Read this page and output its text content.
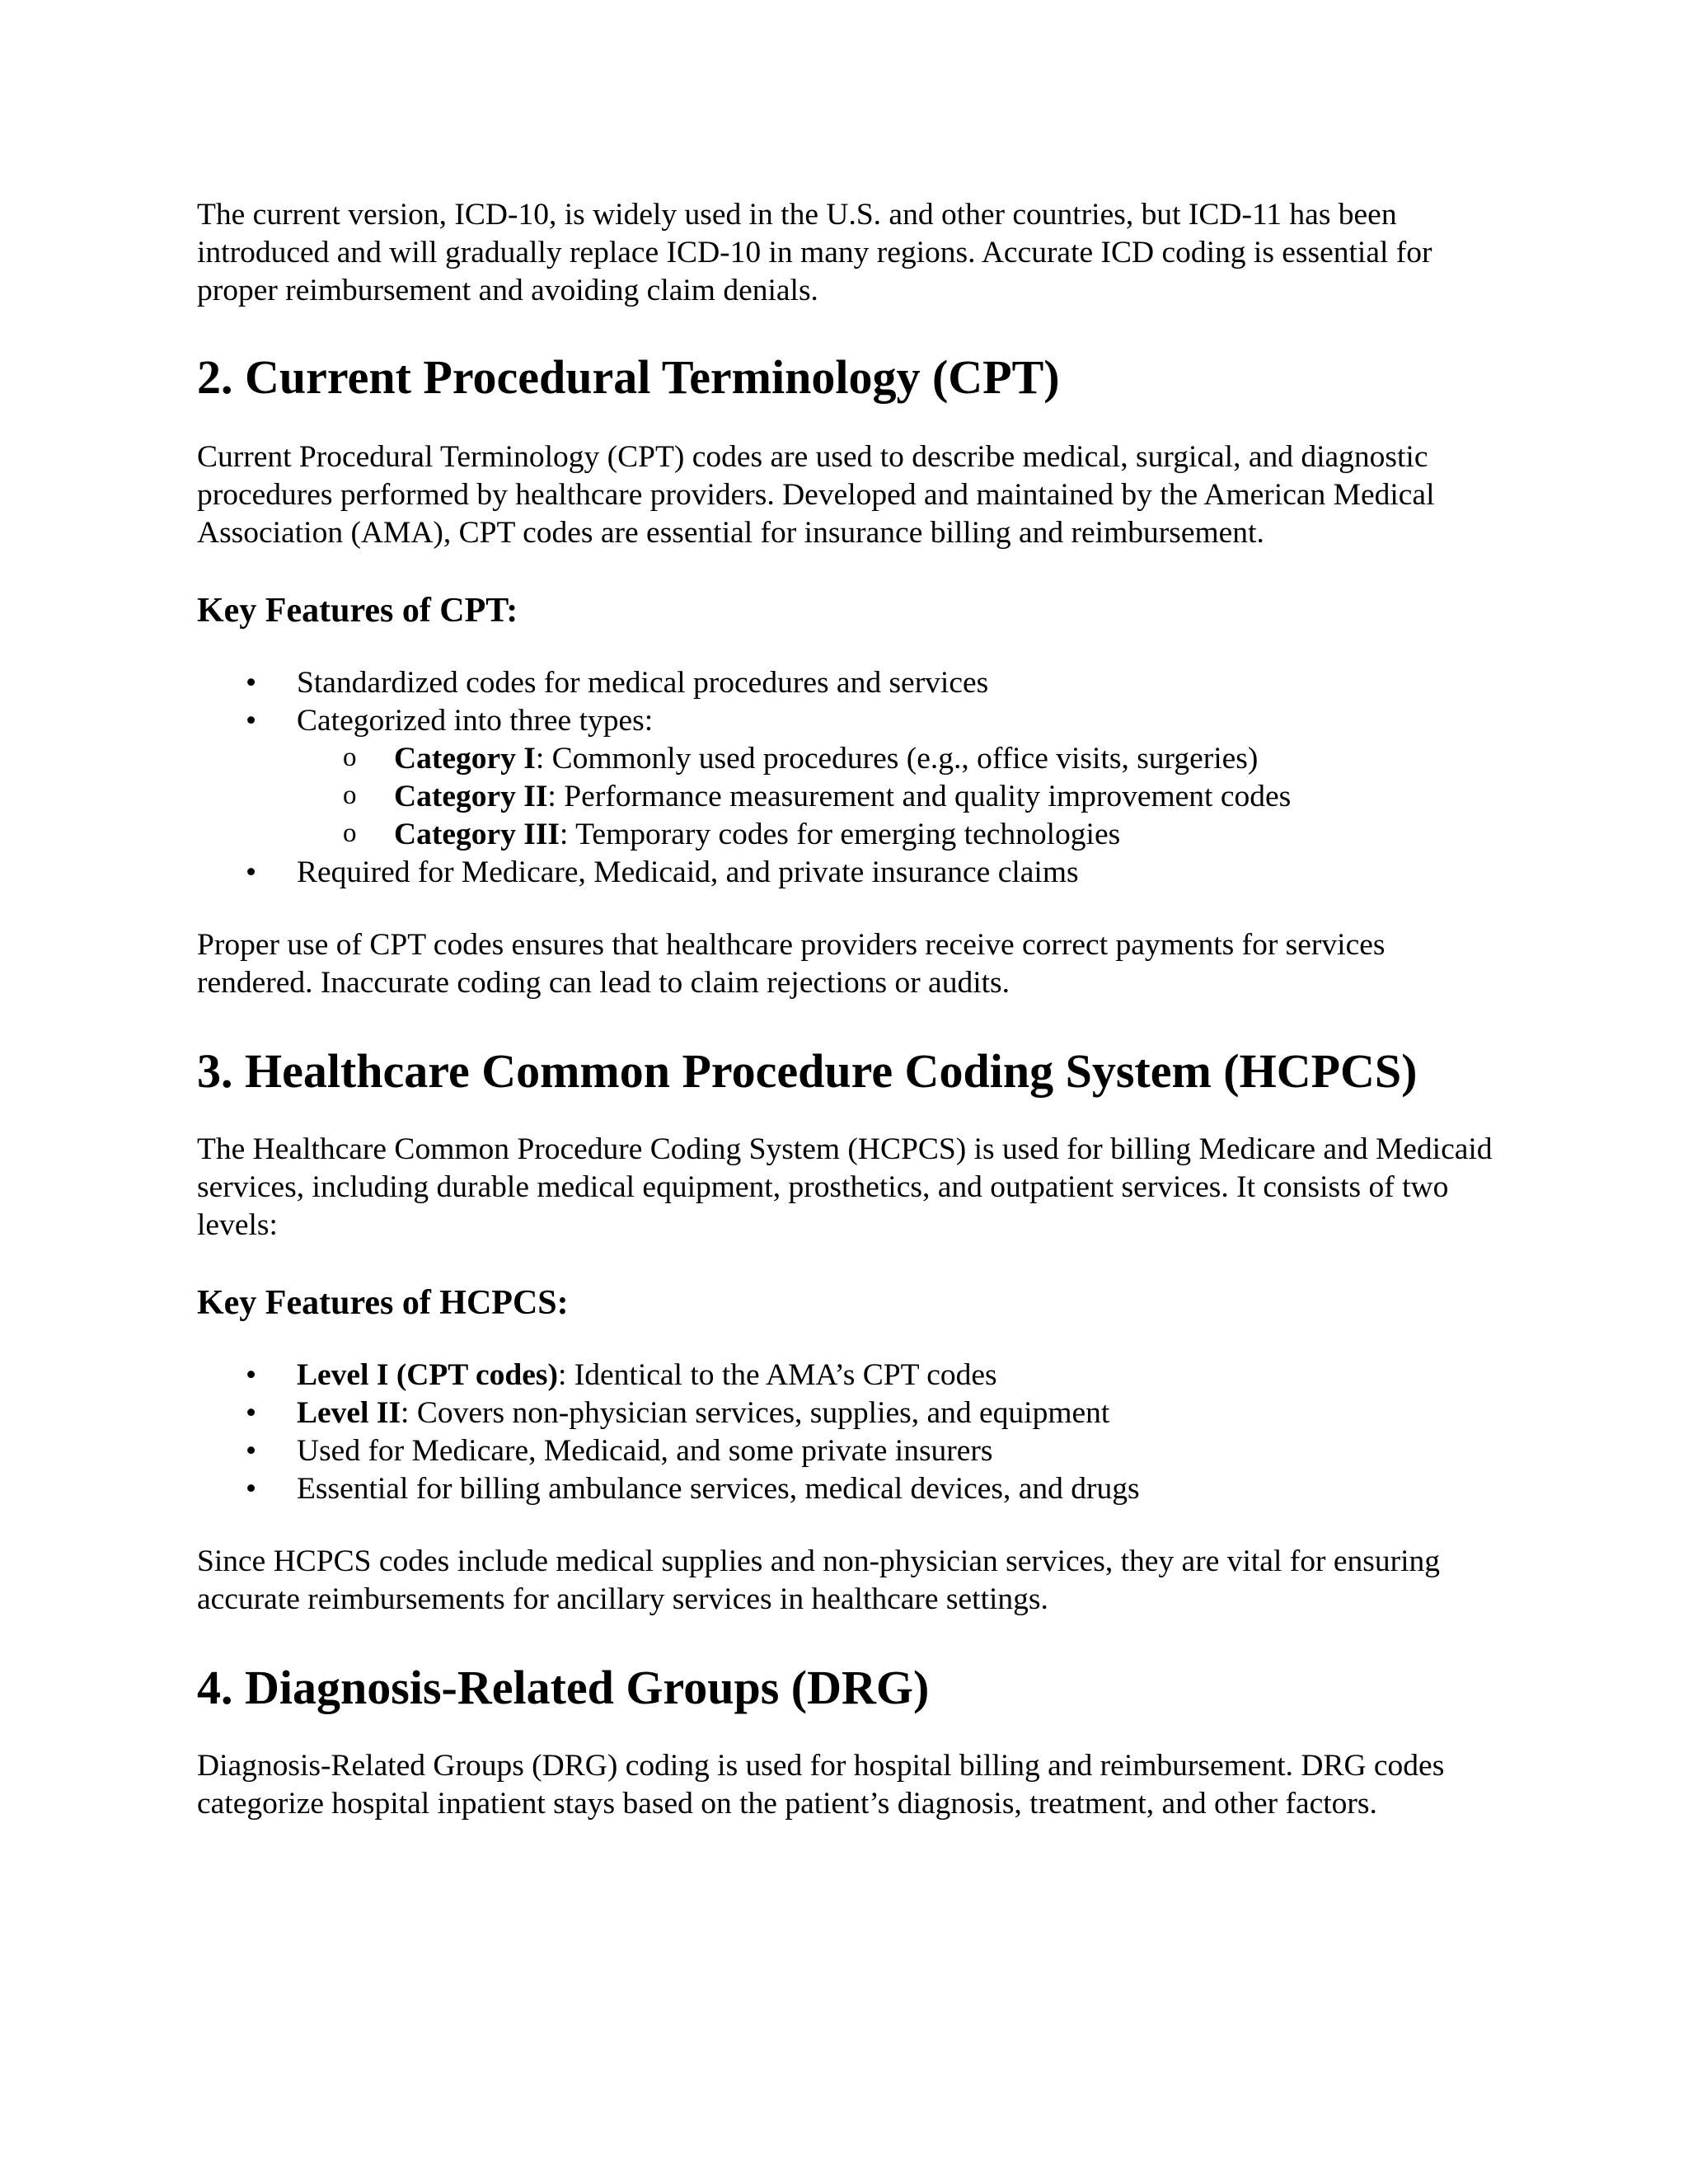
The current version, ICD-10, is widely used in the U.S. and other countries, but ICD-11 has been introduced and will gradually replace ICD-10 in many regions. Accurate ICD coding is essential for proper reimbursement and avoiding claim denials.

2. Current Procedural Terminology (CPT)

Current Procedural Terminology (CPT) codes are used to describe medical, surgical, and diagnostic procedures performed by healthcare providers. Developed and maintained by the American Medical Association (AMA), CPT codes are essential for insurance billing and reimbursement.

Key Features of CPT:
• Standardized codes for medical procedures and services
• Categorized into three types:
o Category I: Commonly used procedures (e.g., office visits, surgeries)
o Category II: Performance measurement and quality improvement codes
o Category III: Temporary codes for emerging technologies
• Required for Medicare, Medicaid, and private insurance claims

Proper use of CPT codes ensures that healthcare providers receive correct payments for services rendered. Inaccurate coding can lead to claim rejections or audits.

3. Healthcare Common Procedure Coding System (HCPCS)

The Healthcare Common Procedure Coding System (HCPCS) is used for billing Medicare and Medicaid services, including durable medical equipment, prosthetics, and outpatient services. It consists of two levels:

Key Features of HCPCS:
• Level I (CPT codes): Identical to the AMA’s CPT codes
• Level II: Covers non-physician services, supplies, and equipment
• Used for Medicare, Medicaid, and some private insurers
• Essential for billing ambulance services, medical devices, and drugs

Since HCPCS codes include medical supplies and non-physician services, they are vital for ensuring accurate reimbursements for ancillary services in healthcare settings.

4. Diagnosis-Related Groups (DRG)

Diagnosis-Related Groups (DRG) coding is used for hospital billing and reimbursement. DRG codes categorize hospital inpatient stays based on the patient’s diagnosis, treatment, and other factors.
